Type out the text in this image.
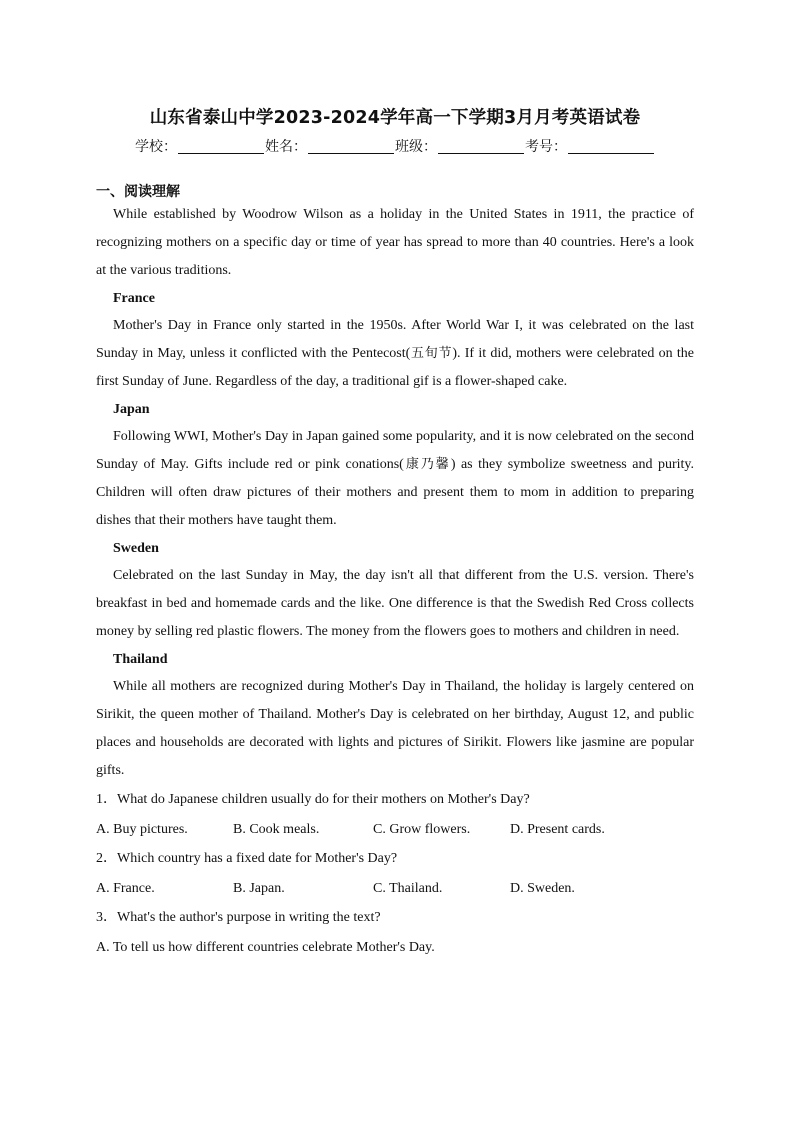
山东省泰山中学2023-2024学年高一下学期3月月考英语试卷
学校：	姓名：	班级：	考号：
一、阅读理解

While established by Woodrow Wilson as a holiday in the United States in 1911, the practice of recognizing mothers on a specific day or time of year has spread to more than 40 countries. Here's a look at the various traditions.

France

Mother's Day in France only started in the 1950s. After World War I, it was celebrated on the last Sunday in May, unless it conflicted with the Pentecost(五旬节). If it did, mothers were celebrated on the first Sunday of June. Regardless of the day, a traditional gif is a flower-shaped cake.

Japan

Following WWI, Mother's Day in Japan gained some popularity, and it is now celebrated on the second Sunday of May. Gifts include red or pink conations(康乃馨) as they symbolize sweetness and purity. Children will often draw pictures of their mothers and present them to mom in addition to preparing dishes that their mothers have taught them.

Sweden

Celebrated on the last Sunday in May, the day isn't all that different from the U.S. version. There's breakfast in bed and homemade cards and the like. One difference is that the Swedish Red Cross collects money by selling red plastic flowers. The money from the flowers goes to mothers and children in need.

Thailand

While all mothers are recognized during Mother's Day in Thailand, the holiday is largely centered on Sirikit, the queen mother of Thailand. Mother's Day is celebrated on her birthday, August 12, and public places and households are decorated with lights and pictures of Sirikit. Flowers like jasmine are popular gifts.

1．What do Japanese children usually do for their mothers on Mother's Day?

A. Buy pictures.	B. Cook meals.	C. Grow flowers.	D. Present cards.

2．Which country has a fixed date for Mother's Day?

A. France.	B. Japan.	C. Thailand.	D. Sweden.

3．What's the author's purpose in writing the text?

A. To tell us how different countries celebrate Mother's Day.
